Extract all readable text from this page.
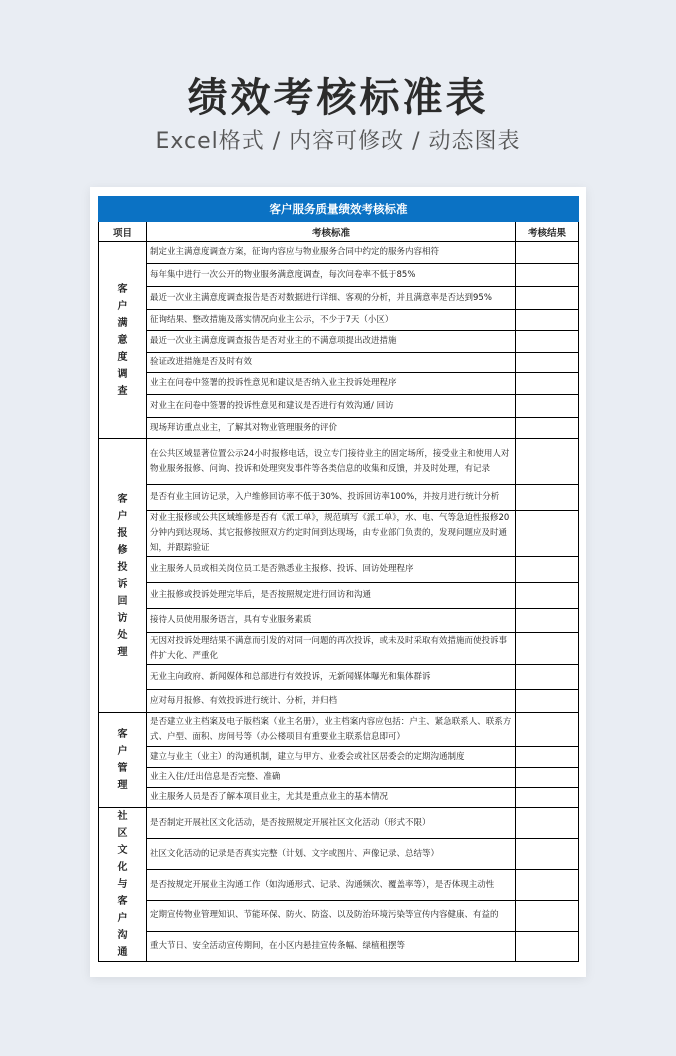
绩效考核标准表
Excel格式 / 内容可修改 / 动态图表
客户服务质量绩效考核标准		
项目	考核标准	考核结果
客户满意度调查	制定业主满意度调查方案，征询内容应与物业服务合同中约定的服务内容相符	

	每年集中进行一次公开的物业服务满意度调查，每次问卷率不低于85%	

	最近一次业主满意度调查报告是否对数据进行详细、客观的分析，并且满意率是否达到95%	

	征询结果、整改措施及落实情况向业主公示，不少于7天（小区）	

	最近一次业主满意度调查报告是否对业主的不满意项提出改进措施	

	验证改进措施是否及时有效	

	业主在问卷中签署的投诉性意见和建议是否纳入业主投诉处理程序	

	对业主在问卷中签署的投诉性意见和建议是否进行有效沟通/ 回访	

	现场拜访重点业主，了解其对物业管理服务的评价	

客户报修投诉回访处理	在公共区域显著位置公示24小时报修电话，设立专门接待业主的固定场所，接受业主和使用人对物业服务报修、问询、投诉和处理突发事件等各类信息的收集和反馈，并及时处理，有记录	

	是否有业主回访记录，入户维修回访率不低于30%、投诉回访率100%，并按月进行统计分析	

	对业主报修或公共区域维修是否有《派工单》，规范填写《派工单》，水、电、气等急迫性报修20分钟内到达现场、其它报修按照双方约定时间到达现场，由专业部门负责的，发现问题应及时通知，并跟踪验证	

	业主服务人员或相关岗位员工是否熟悉业主报修、投诉、回访处理程序	

	业主报修或投诉处理完毕后，是否按照规定进行回访和沟通	

	接待人员使用服务语言，具有专业服务素质	

	无因对投诉处理结果不满意而引发的对同一问题的再次投诉，或未及时采取有效措施而使投诉事件扩大化、严重化	

	无业主向政府、新闻媒体和总部进行有效投诉，无新闻媒体曝光和集体群诉	

	应对每月报修、有效投诉进行统计、分析，并归档	

客户管理	是否建立业主档案及电子版档案（业主名册），业主档案内容应包括：户主、紧急联系人、联系方式、户型、面积、房间号等（办公楼项目有重要业主联系信息即可）	

	建立与业主（业主）的沟通机制，建立与甲方、业委会或社区居委会的定期沟通制度	

	业主入住/迁出信息是否完整、准确	

	业主服务人员是否了解本项目业主，尤其是重点业主的基本情况	

社区文化与客户沟通	是否制定开展社区文化活动，是否按照规定开展社区文化活动（形式不限）	

	社区文化活动的记录是否真实完整（计划、文字或图片、声像记录、总结等）	

	是否按规定开展业主沟通工作（如沟通形式、记录、沟通频次、覆盖率等），是否体现主动性	

	定期宣传物业管理知识、节能环保、防火、防盗、以及防治环境污染等宣传内容健康、有益的	

	重大节日、安全活动宣传期间，在小区内悬挂宣传条幅、绿植租摆等	
